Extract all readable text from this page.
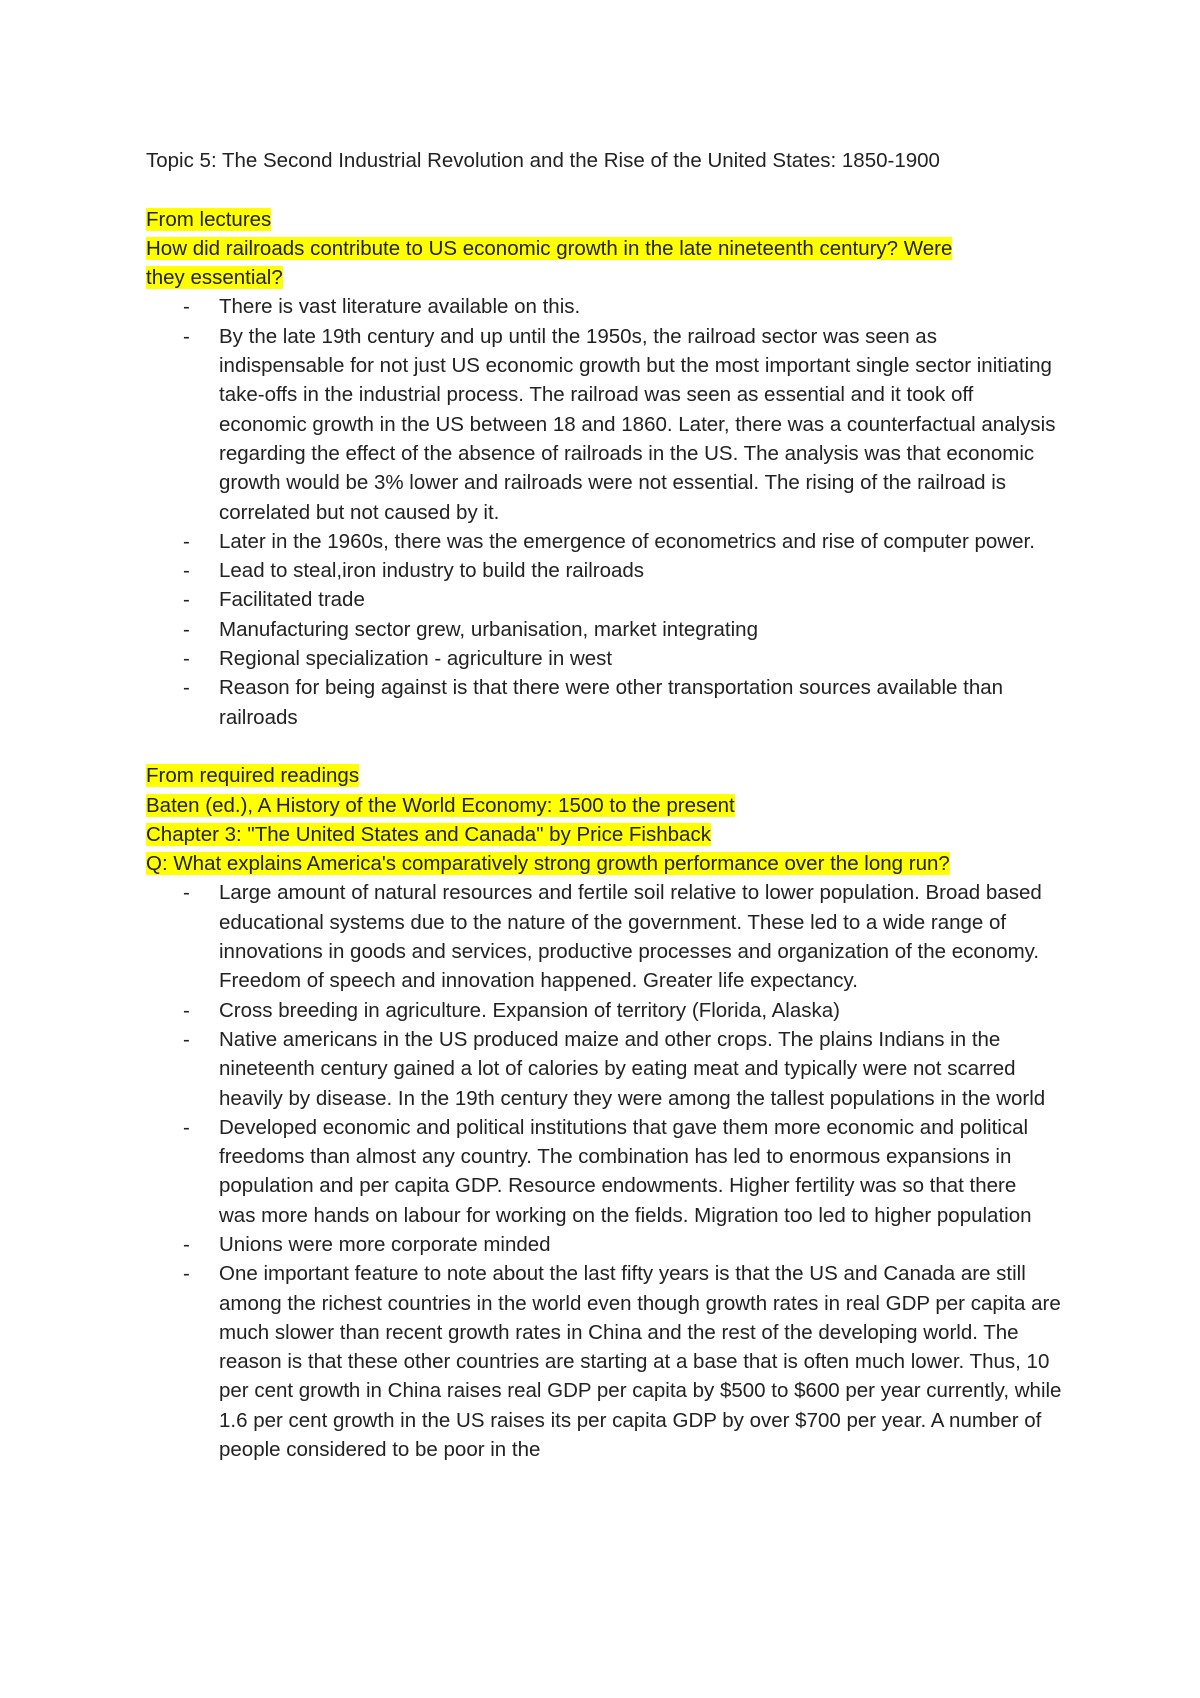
Topic 5: The Second Industrial Revolution and the Rise of the United States: 1850-1900

From lectures

How did railroads contribute to US economic growth in the late nineteenth century? Were

they essential?

- There is vast literature available on this.
- By the late 19th century and up until the 1950s, the railroad sector was seen as indispensable for not just US economic growth but the most important single sector initiating take-offs in the industrial process. The railroad was seen as essential and it took off economic growth in the US between 18 and 1860. Later, there was a counterfactual analysis regarding the effect of the absence of railroads in the US. The analysis was that economic growth would be 3% lower and railroads were not essential. The rising of the railroad is correlated but not caused by it.
- Later in the 1960s, there was the emergence of econometrics and rise of computer power.
- Lead to steal,iron industry to build the railroads
- Facilitated trade
- Manufacturing sector grew, urbanisation, market integrating
- Regional specialization - agriculture in west
- Reason for being against is that there were other transportation sources available than railroads

From required readings

Baten (ed.), A History of the World Economy: 1500 to the present

Chapter 3: "The United States and Canada" by Price Fishback

Q: What explains America's comparatively strong growth performance over the long run?

- Large amount of natural resources and fertile soil relative to lower population. Broad based educational systems due to the nature of the government. These led to a wide range of innovations in goods and services, productive processes and organization of the economy. Freedom of speech and innovation happened. Greater life expectancy.
- Cross breeding in agriculture. Expansion of territory (Florida, Alaska)
- Native americans in the US produced maize and other crops. The plains Indians in the nineteenth century gained a lot of calories by eating meat and typically were not scarred heavily by disease. In the 19th century they were among the tallest populations in the world
- Developed economic and political institutions that gave them more economic and political freedoms than almost any country. The combination has led to enormous expansions in population and per capita GDP. Resource endowments. Higher fertility was so that there was more hands on labour for working on the fields. Migration too led to higher population
- Unions were more corporate minded
- One important feature to note about the last fifty years is that the US and Canada are still among the richest countries in the world even though growth rates in real GDP per capita are much slower than recent growth rates in China and the rest of the developing world. The reason is that these other countries are starting at a base that is often much lower. Thus, 10 per cent growth in China raises real GDP per capita by $500 to $600 per year currently, while 1.6 per cent growth in the US raises its per capita GDP by over $700 per year. A number of people considered to be poor in the
